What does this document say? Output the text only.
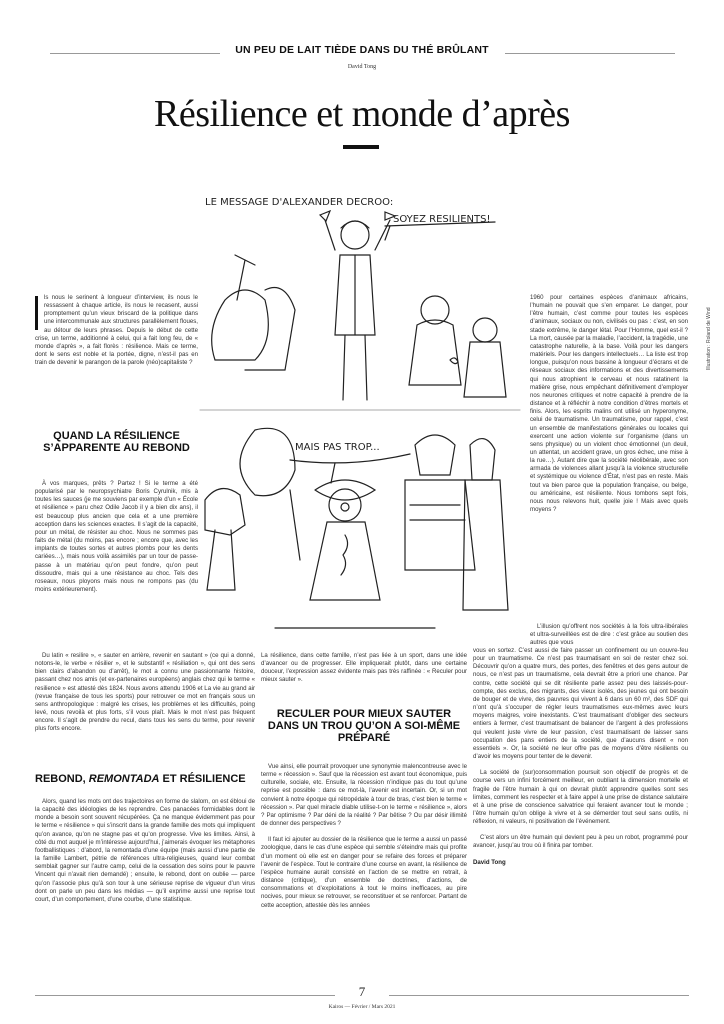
UN PEU DE LAIT TIÈDE DANS DU THÉ BRÛLANT
David Tong
Résilience et monde d’après
LE MESSAGE D'ALEXANDER DECROO:
SOYEZ RESILIENTS!
MAIS PAS TROP...
Illustration : Roland de Wind

ls nous le serinent à longueur d’interview, ils nous le ressassent à chaque article, ils nous le recasent, aussi promptement qu’un vieux briscard de la politique dans une intercommunale aux structures parallèlement floues, au détour de leurs phrases. Depuis le début de cette crise, un terme, additionné à celui, qui a fait long feu, de « monde d’après », a fait florès : résilience. Mais ce terme, dont le sens est noble et la portée, digne, n’est-il pas en train de devenir le parangon de la parole (néo)capitaliste ?

QUAND LA RÉSILIENCE S’APPARENTE AU REBOND

À vos marques, prêts ? Partez ! Si le terme a été popularisé par le neuropsychiatre Boris Cyrulnik, mis à toutes les sauces (je me souviens par exemple d’un « École et résilience » paru chez Odile Jacob il y a bien dix ans), il est beaucoup plus ancien que cela et a une première acception dans les sciences exactes. Il s’agit de la capacité, pour un métal, de résister au choc. Nous ne sommes pas faits de métal (du moins, pas encore ; encore que, avec les implants de toutes sortes et autres plombs pour les dents cariées…), mais nous voilà assimilés par un tour de passe-passe à un matériau qu’on peut fondre, qu’on peut dissoudre, mais qui a une résistance au choc. Tels des roseaux, nous ployons mais nous ne rompons pas (du moins extérieurement).

Du latin « resilire », « sauter en arrière, revenir en sautant » (ce qui a donné, notons-le, le verbe « résilier », et le substantif « résiliation », qui ont des sens bien clairs d’abandon ou d’arrêt), le mot a connu une passionnante histoire, passant chez nos amis (et ex-partenaires européens) anglais chez qui le terme « resilience » est attesté dès 1824. Nous avons attendu 1906 et La vie au grand air (revue française de tous les sports) pour retrouver ce mot en français sous un sens anthropologique : malgré les crises, les problèmes et les difficultés, poing levé, nous revoilà et plus forts, s’il vous plaît. Mais le mot n’est pas fréquent encore. Il s’agit de prendre du recul, dans tous les sens du terme, pour revenir plus forts encore.

REBOND, REMONTADA ET RÉSILIENCE

Alors, quand les mots ont des trajectoires en forme de slalom, on est ébloui de la capacité des idéologies de les reprendre. Ces panacées formidables dont le monde a besoin sont souvent récupérées. Ça ne manque évidemment pas pour le terme « résilience » qui s’inscrit dans la grande famille des mots qui impliquent qu’on avance, qu’on ne stagne pas et qu’on progresse. Vive les limites. Ainsi, à côté du mot auquel je m’intéresse aujourd’hui, j’aimerais évoquer les métaphores footballistiques : d’abord, la remontada d’une équipe (mais aussi d’une partie de la famille Lambert, pétrie de références ultra-religieuses, quand leur combat semblait gagner sur l’autre camp, celui de la cessation des soins pour le pauvre Vincent qui n’avait rien demandé) ; ensuite, le rebond, dont on oublie — parce qu’on l’associe plus qu’à son tour à une sérieuse reprise de vigueur d’un virus dont on parle un peu dans les médias — qu’il exprime aussi une reprise tout court, d’un comportement, d’une courbe, d’une statistique.

La résilience, dans cette famille, n’est pas liée à un sport, dans une idée d’avancer ou de progresser. Elle impliquerait plutôt, dans une certaine douceur, l’expression assez évidente mais pas très raffinée : « Reculer pour mieux sauter ».

RECULER POUR MIEUX SAUTER DANS UN TROU QU’ON A SOI-MÊME PRÉPARÉ

Vue ainsi, elle pourrait provoquer une synonymie malencontreuse avec le terme « récession ». Sauf que la récession est avant tout économique, puis culturelle, sociale, etc. Ensuite, la récession n’indique pas du tout qu’une reprise est possible : dans ce mot-là, l’avenir est incertain. Or, si un mot convient à notre époque qui rétropédale à tour de bras, c’est bien le terme « récession ». Par quel miracle diable utilise-t-on le terme « résilience », alors ? Par optimisme ? Par déni de la réalité ? Par bêtise ? Ou par désir illimité de donner des perspectives ?

Il faut ici ajouter au dossier de la résilience que le terme a aussi un passé zoologique, dans le cas d’une espèce qui semble s’éteindre mais qui profite d’un moment où elle est en danger pour se refaire des forces et préparer l’avenir de l’espèce. Tout le contraire d’une course en avant, la résilience de l’espèce humaine aurait consisté en l’action de se mettre en retrait, à distance (critique), d’un ensemble de doctrines, d’actions, de consommations et d’exploitations à tout le moins inefficaces, au pire nocives, pour mieux se retrouver, se reconstituer et se renforcer. Partant de cette acception, attestée dès les années

1960 pour certaines espèces d’animaux africains, l’humain ne pouvait que s’en emparer. Le danger, pour l’être humain, c’est comme pour toutes les espèces d’animaux, sociaux ou non, civilisés ou pas : c’est, en son stade extrême, le danger létal. Pour l’Homme, quel est-il ? La mort, causée par la maladie, l’accident, la tragédie, une catastrophe naturelle, à la base. Voilà pour les dangers matériels. Pour les dangers intellectuels… La liste est trop longue, puisqu’on nous bassine à longueur d’écrans et de réseaux sociaux des informations et des divertissements qui nous atrophient le cerveau et nous ratatinent la matière grise, nous empêchant définitivement d’employer nos neurones critiques et notre capacité à prendre de la distance et à réfléchir à notre condition d’êtres mortels et finis. Alors, les esprits malins ont utilisé un hyperonyme, celui de traumatisme. Un traumatisme, pour rappel, c’est un ensemble de manifestations générales ou locales qui exercent une action violente sur l’organisme (dans un sens physique) ou un violent choc émotionnel (un deuil, un attentat, un accident grave, un gros échec, une mise à la rue…). Autant dire que la société néolibérale, avec son armada de violences allant jusqu’à la violence structurelle et systémique ou violence d’État, n’est pas en reste. Mais tout va bien parce que la population française, ou belge, ou américaine, est résiliente. Nous tombons sept fois, nous nous relevons huit, quelle joie ! Mais avec quels moyens ?

L’illusion qu’offrent nos sociétés à la fois ultra-libérales et ultra-surveillées est de dire : c’est grâce au soutien des autres que vous

vous en sortez. C’est aussi de faire passer un confinement ou un couvre-feu pour un traumatisme. Ce n’est pas traumatisant en soi de rester chez soi. Découvrir qu’on a quatre murs, des portes, des fenêtres et des gens autour de nous, ce n’est pas un traumatisme, cela devrait être a priori une chance. Par contre, cette société qui se dit résiliente parle assez peu des laissés-pour-compte, des exclus, des migrants, des vieux isolés, des jeunes qui ont besoin de bouger et de vivre, des pauvres qui vivent à 6 dans un 60 m², des SDF qui n’ont qu’à s’occuper de régler leurs traumatismes eux-mêmes avec leurs moyens maigres, voire inexistants. C’est traumatisant d’obliger des secteurs entiers à fermer, c’est traumatisant de balancer de l’argent à des professions qui veulent juste vivre de leur passion, c’est traumatisant de laisser sans occupation des pans entiers de la société, que d’aucuns disent « non essentiels ». Or, la société ne leur offre pas de moyens d’être résilients ou d’avoir les moyens pour tenter de le devenir.

La société de (sur)consommation poursuit son objectif de progrès et de course vers un infini forcément meilleur, en oubliant la dimension mortelle et fragile de l’être humain à qui on devrait plutôt apprendre quelles sont ses limites, comment les respecter et à faire appel à une prise de distance salutaire et à une prise de conscience salvatrice qui feraient avancer tout le monde ; l’être humain qu’on oblige à vivre et à se démerder tout seul sans outils, ni réflexion, ni valeurs, ni positivation de l’événement.

C’est alors un être humain qui devient peu à peu un robot, programmé pour avancer, jusqu’au trou où il finira par tomber.

David Tong

7
Kairos — Février / Mars 2021
